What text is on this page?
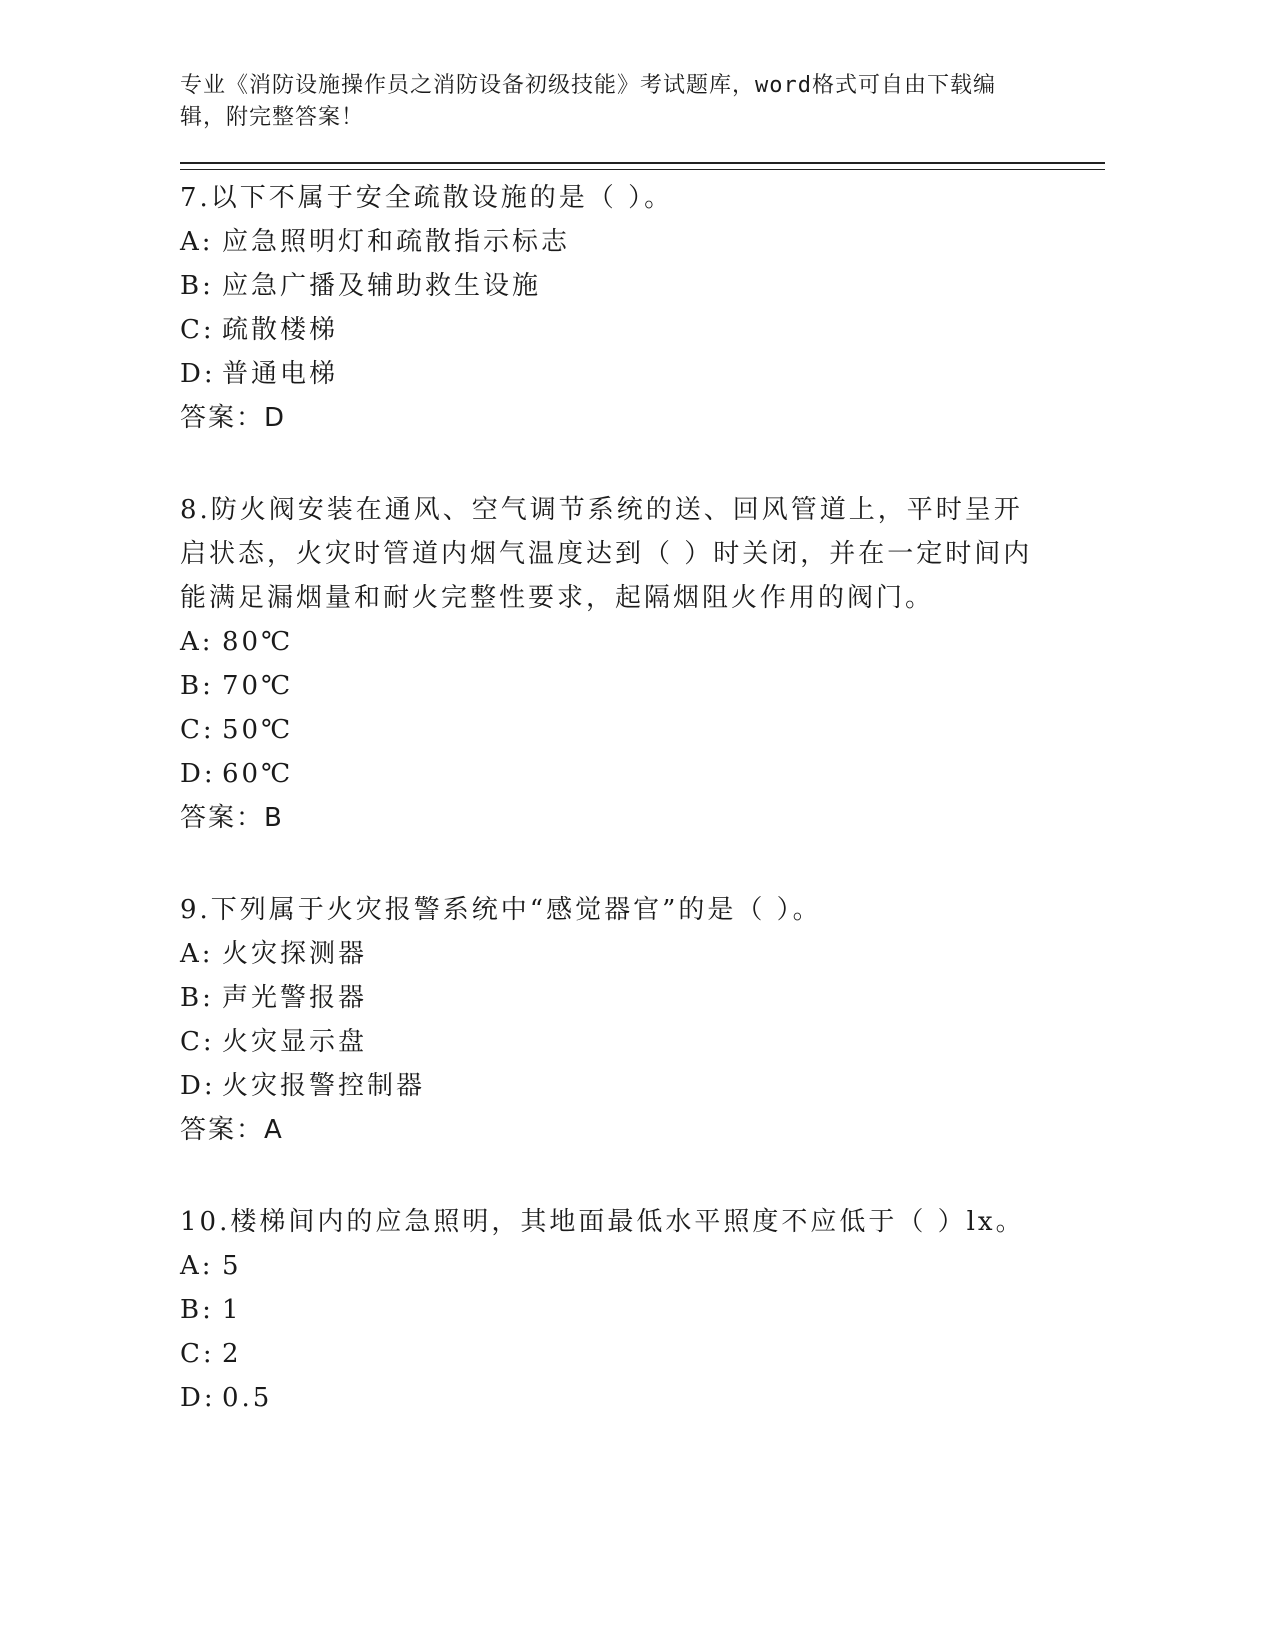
专业《消防设施操作员之消防设备初级技能》考试题库，word格式可自由下载编辑，附完整答案！
7.以下不属于安全疏散设施的是（ ）。
A: 应急照明灯和疏散指示标志
B: 应急广播及辅助救生设施
C: 疏散楼梯
D: 普通电梯
答案：D
8.防火阀安装在通风、空气调节系统的送、回风管道上，平时呈开启状态，火灾时管道内烟气温度达到（ ）时关闭，并在一定时间内能满足漏烟量和耐火完整性要求，起隔烟阻火作用的阀门。
A: 80℃
B: 70℃
C: 50℃
D: 60℃
答案：B
9.下列属于火灾报警系统中“感觉器官”的是（ ）。
A: 火灾探测器
B: 声光警报器
C: 火灾显示盘
D: 火灾报警控制器
答案：A
10.楼梯间内的应急照明，其地面最低水平照度不应低于（ ）lx。
A: 5
B: 1
C: 2
D: 0.5
